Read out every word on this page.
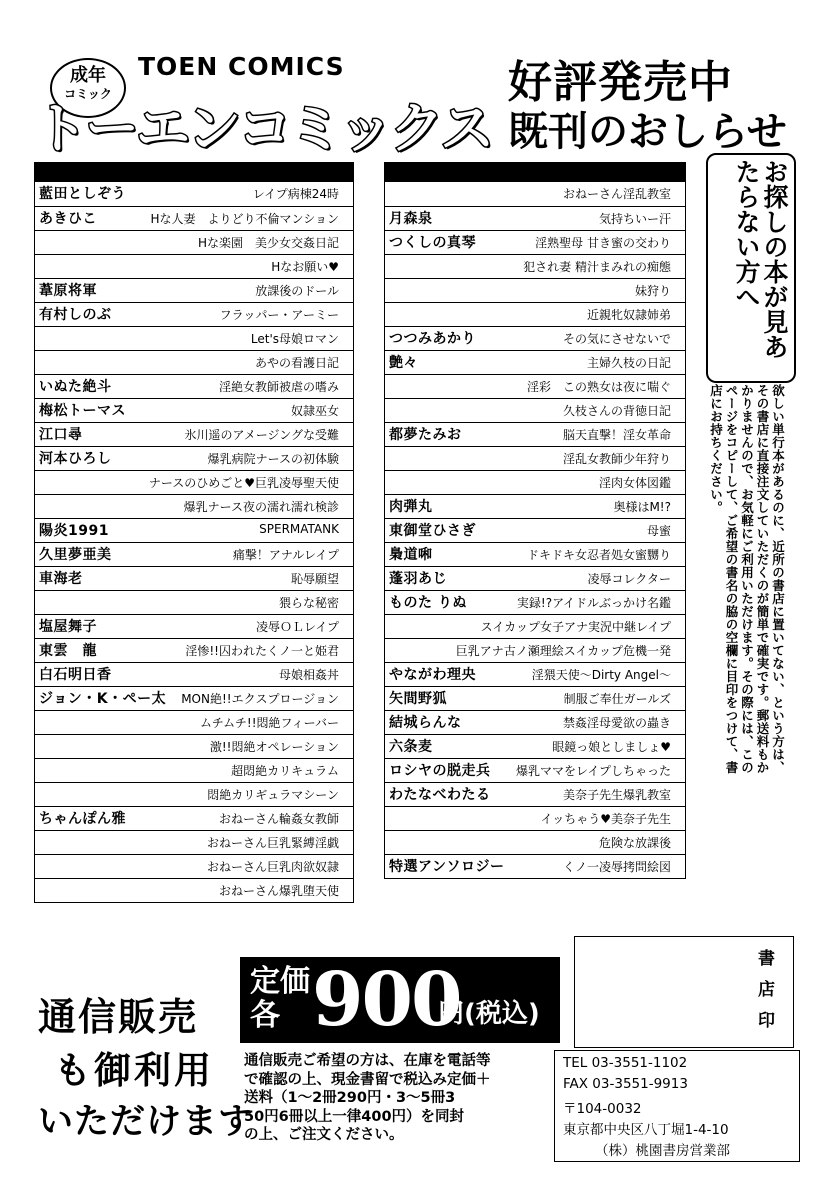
成年
コミック
TOEN COMICS
トーエンコミックス
好評発売中
既刊のおしらせ
藍田としぞう	レイプ病棟24時
あきひこ	Hな人妻　よりどり不倫マンション
Hな楽園　美少女交姦日記
Hなお願い♥
葦原将軍	放課後のドール
有村しのぶ	フラッパー・アーミー
Let's母娘ロマン
あやの看護日記
いぬた絶斗	淫絶女教師被虐の嗜み
梅松トーマス	奴隷巫女
江口尋	氷川遥のアメージングな受難
河本ひろし	爆乳病院ナースの初体験
ナースのひめごと♥巨乳凌辱聖天使
爆乳ナース夜の濡れ濡れ検診
陽炎1991	SPERMATANK
久里夢亜美	痛撃！アナルレイプ
車海老	恥辱願望
猥らな秘密
塩屋舞子	凌辱ＯＬレイプ
東雲　龍	淫惨!!囚われたくノ一と姫君
白石明日香	母娘相姦丼
ジョン・K・ペー太 MON絶!!エクスプロージョン
ムチムチ!!悶絶フィーバー
激!!悶絶オペレーション
超悶絶カリキュラム
悶絶カリギュラマシーン
ちゃんぽん雅	おねーさん輪姦女教師
おねーさん巨乳緊縛淫戯
おねーさん巨乳肉欲奴隷
おねーさん爆乳堕天使
おねーさん淫乱教室
月森泉	気持ちいー汗
つくしの真琴	淫熟聖母 甘き蜜の交わり
犯され妻 精汁まみれの痴態
妹狩り
近親牝奴隷姉弟
つつみあかり	その気にさせないで
艶々	主婦久枝の日記
淫彩　この熟女は夜に喘ぐ
久枝さんの背徳日記
都夢たみお	脳天直撃！淫女革命
淫乱女教師少年狩り
淫肉女体図鑑
肉弾丸	奥様はM!?
東御堂ひさぎ	母蜜
梟道啝	ドキドキ女忍者処女蜜嬲り
蓬羽あじ	凌辱コレクター
ものた りぬ	実録!?アイドルぶっかけ名鑑
スイカップ女子アナ実況中継レイプ
巨乳アナ古ノ瀬理絵スイカップ危機一発
やながわ理央	淫猥天使〜Dirty Angel〜
矢間野狐	制服ご奉仕ガールズ
結城らんな	禁姦淫母愛欲の蟲き
六条麦	眼鏡っ娘としましょ♥
ロシヤの脱走兵 爆乳ママをレイプしちゃった
わたなべわたる	美奈子先生爆乳教室
イッちゃう♥美奈子先生
危険な放課後
特選アンソロジー	くノ一凌辱拷問絵図
お探しの本が見あたらない方へ
欲しい単行本があるのに、近所の書店に置いてない、という方は、その書店に直接注文していただくのが簡単で確実です。郵送料もかかりませんので、お気軽にご利用いただけます。その際には、このページをコピーして、ご希望の書名の脇の空欄に目印をつけて、書店にお持ちください。
書店印
通信販売
も御利用
いただけます
定価
各 900
円(税込)
通信販売ご希望の方は、在庫を電話等
で確認の上、現金書留で税込み定価＋
送料（1〜2冊290円・3〜5冊3
50円6冊以上一律400円）を同封
の上、ご注文ください。
TEL 03-3551-1102
FAX 03-3551-9913
〒104-0032
東京都中央区八丁堀1-4-10
（株）桃園書房営業部
